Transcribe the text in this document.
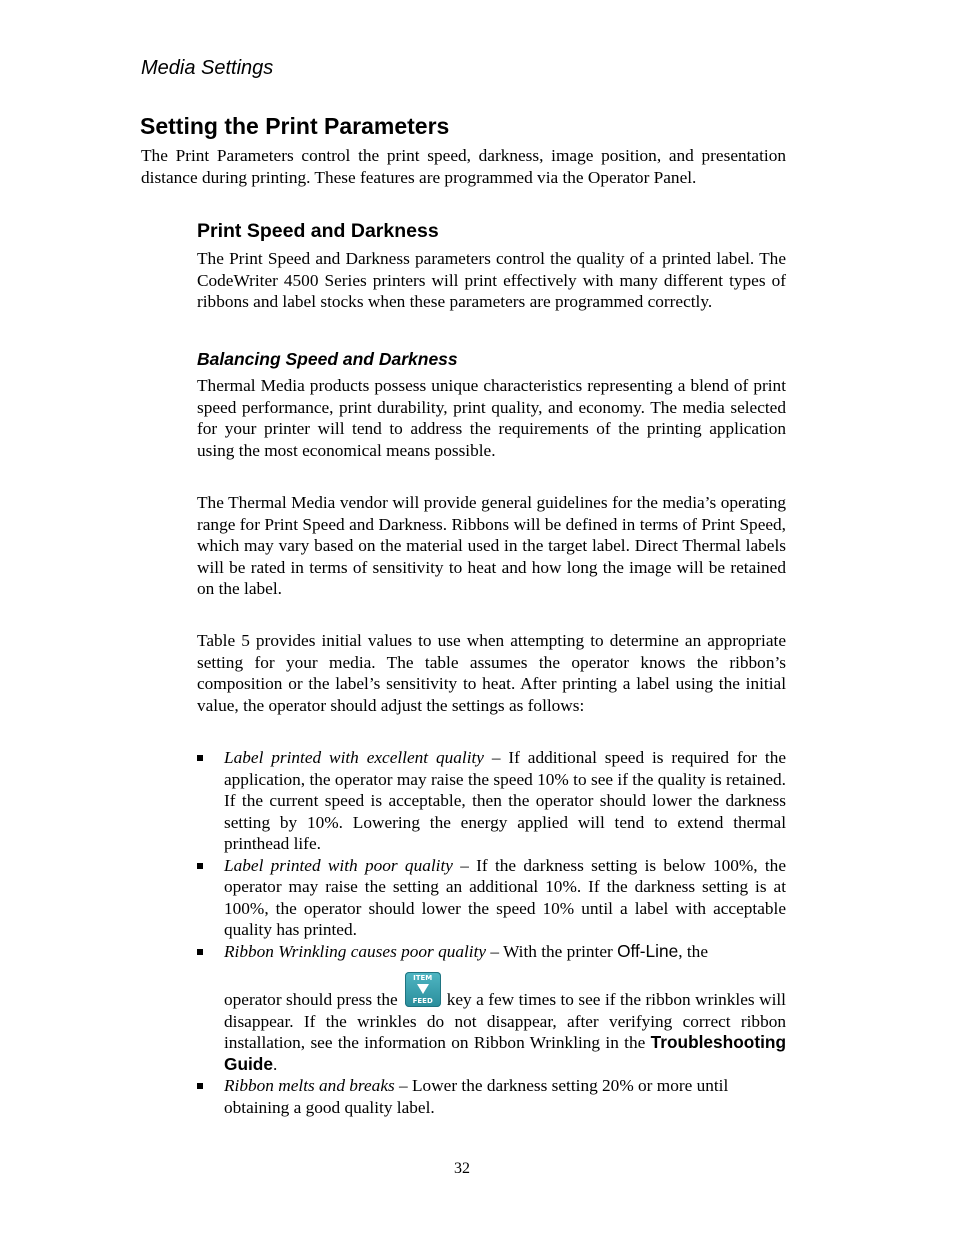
Media Settings
Setting the Print Parameters

The Print Parameters control the print speed, darkness, image position, and presentation distance during printing. These features are programmed via the Operator Panel.

Print Speed and Darkness

The Print Speed and Darkness parameters control the quality of a printed label. The CodeWriter 4500 Series printers will print effectively with many different types of ribbons and label stocks when these parameters are programmed correctly.

Balancing Speed and Darkness

Thermal Media products possess unique characteristics representing a blend of print speed performance, print durability, print quality, and economy. The media selected for your printer will tend to address the requirements of the printing application using the most economical means possible.

The Thermal Media vendor will provide general guidelines for the media’s operating range for Print Speed and Darkness. Ribbons will be defined in terms of Print Speed, which may vary based on the material used in the target label. Direct Thermal labels will be rated in terms of sensitivity to heat and how long the image will be retained on the label.

Table 5 provides initial values to use when attempting to determine an appropriate setting for your media. The table assumes the operator knows the ribbon’s composition or the label’s sensitivity to heat. After printing a label using the initial value, the operator should adjust the settings as follows:

Label printed with excellent quality – If additional speed is required for the application, the operator may raise the speed 10% to see if the quality is retained. If the current speed is acceptable, then the operator should lower the darkness setting by 10%. Lowering the energy applied will tend to extend thermal printhead life.
Label printed with poor quality – If the darkness setting is below 100%, the operator may raise the setting an additional 10%. If the darkness setting is at 100%, the operator should lower the speed 10% until a label with acceptable quality has printed.
Ribbon Wrinkling causes poor quality – With the printer Off-Line, the
operator should press the
ITEM
FEED key a few times to see if the ribbon wrinkles will disappear. If the wrinkles do not disappear, after verifying correct ribbon installation, see the information on Ribbon Wrinkling in the Troubleshooting Guide.
Ribbon melts and breaks – Lower the darkness setting 20% or more until obtaining a good quality label.
32
